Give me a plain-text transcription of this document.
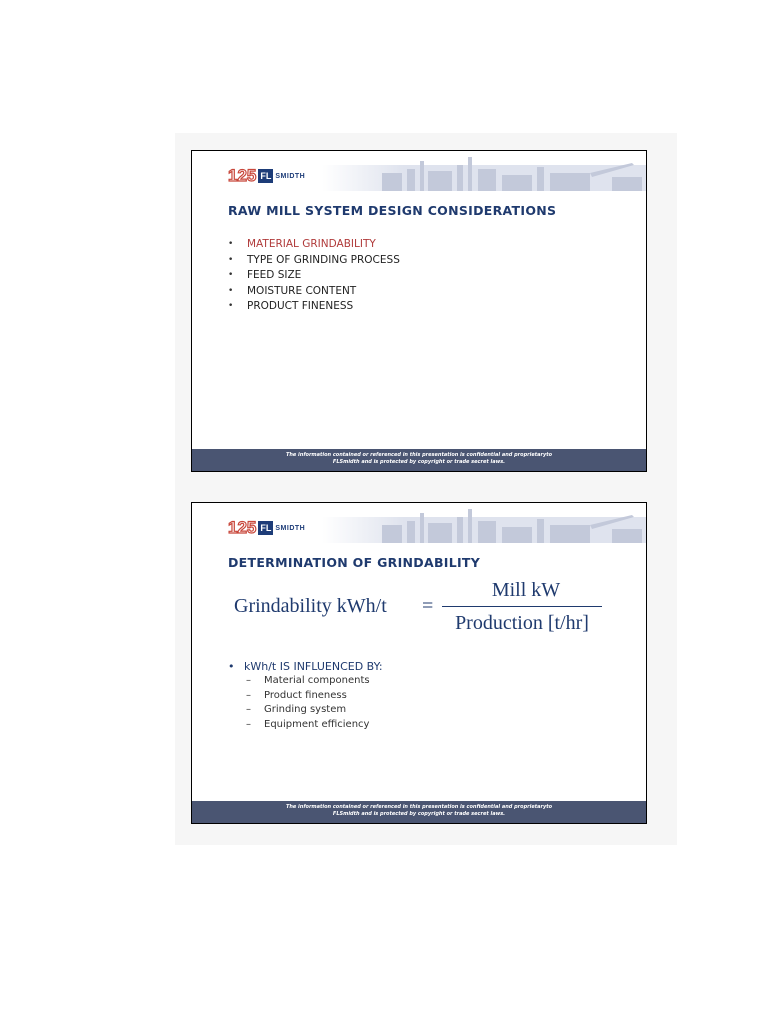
125 FL SMIDTH
RAW MILL SYSTEM DESIGN CONSIDERATIONS
• MATERIAL GRINDABILITY
• TYPE OF GRINDING PROCESS
• FEED SIZE
• MOISTURE CONTENT
• PRODUCT FINENESS
The information contained or referenced in this presentation is confidential and proprietaryto
FLSmidth and is protected by copyright or trade secret laws.
125 FL SMIDTH
DETERMINATION OF GRINDABILITY
Grindability kWh/t =
Mill kW
Production [t/hr]
• kWh/t IS INFLUENCED BY:
– Material components
– Product fineness
– Grinding system
– Equipment efficiency
The information contained or referenced in this presentation is confidential and proprietaryto
FLSmidth and is protected by copyright or trade secret laws.
